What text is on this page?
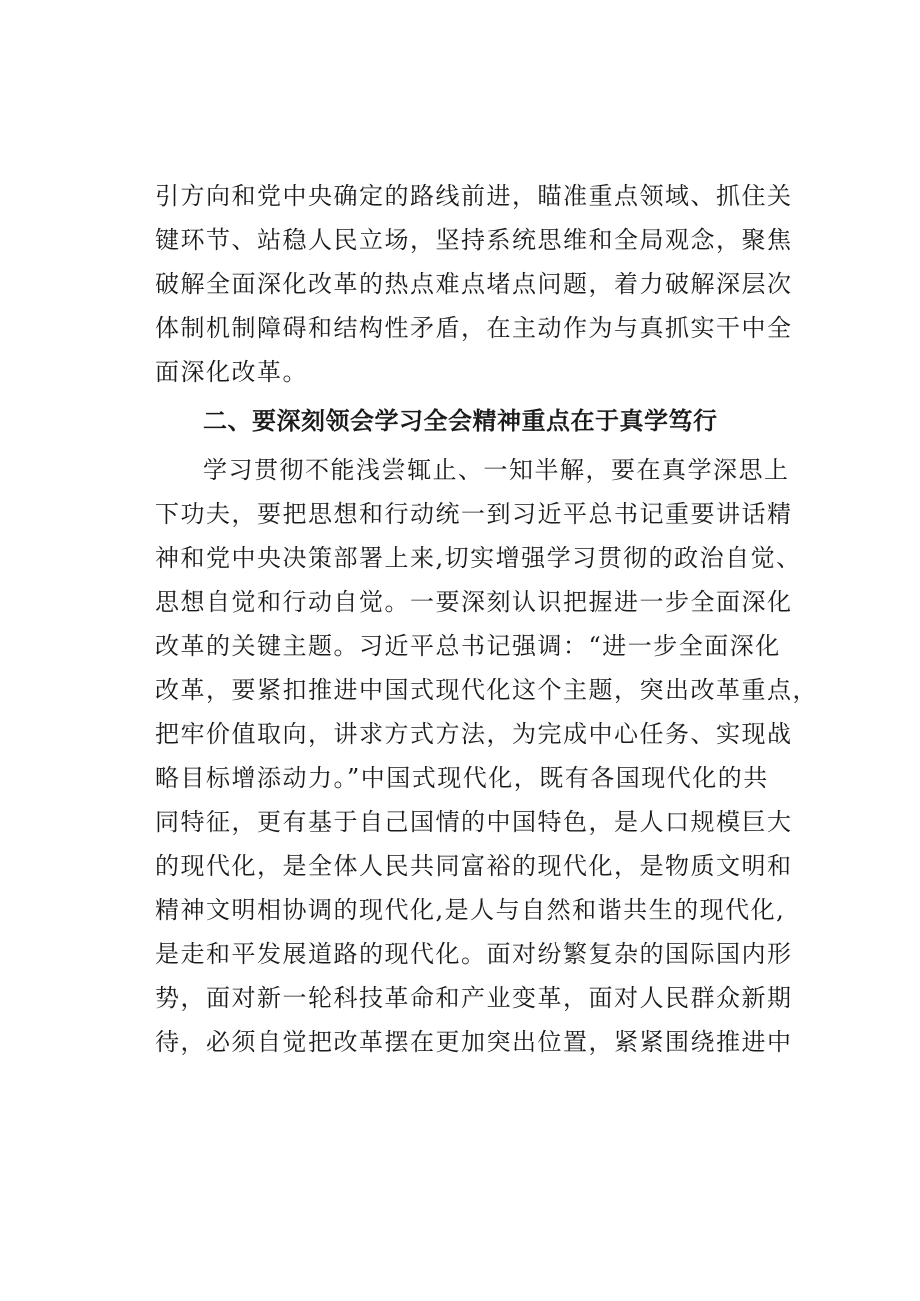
引方向和党中央确定的路线前进，瞄准重点领域、抓住关
键环节、站稳人民立场，坚持系统思维和全局观念，聚焦
破解全面深化改革的热点难点堵点问题，着力破解深层次
体制机制障碍和结构性矛盾，在主动作为与真抓实干中全
面深化改革。
二、要深刻领会学习全会精神重点在于真学笃行
学习贯彻不能浅尝辄止、一知半解，要在真学深思上
下功夫，要把思想和行动统一到习近平总书记重要讲话精
神和党中央决策部署上来,切实增强学习贯彻的政治自觉、
思想自觉和行动自觉。一要深刻认识把握进一步全面深化
改革的关键主题。习近平总书记强调：“进一步全面深化
改革，要紧扣推进中国式现代化这个主题，突出改革重点，
把牢价值取向，讲求方式方法，为完成中心任务、实现战
略目标增添动力。”中国式现代化，既有各国现代化的共
同特征，更有基于自己国情的中国特色，是人口规模巨大
的现代化，是全体人民共同富裕的现代化，是物质文明和
精神文明相协调的现代化,是人与自然和谐共生的现代化,
是走和平发展道路的现代化。面对纷繁复杂的国际国内形
势，面对新一轮科技革命和产业变革，面对人民群众新期
待，必须自觉把改革摆在更加突出位置，紧紧围绕推进中
